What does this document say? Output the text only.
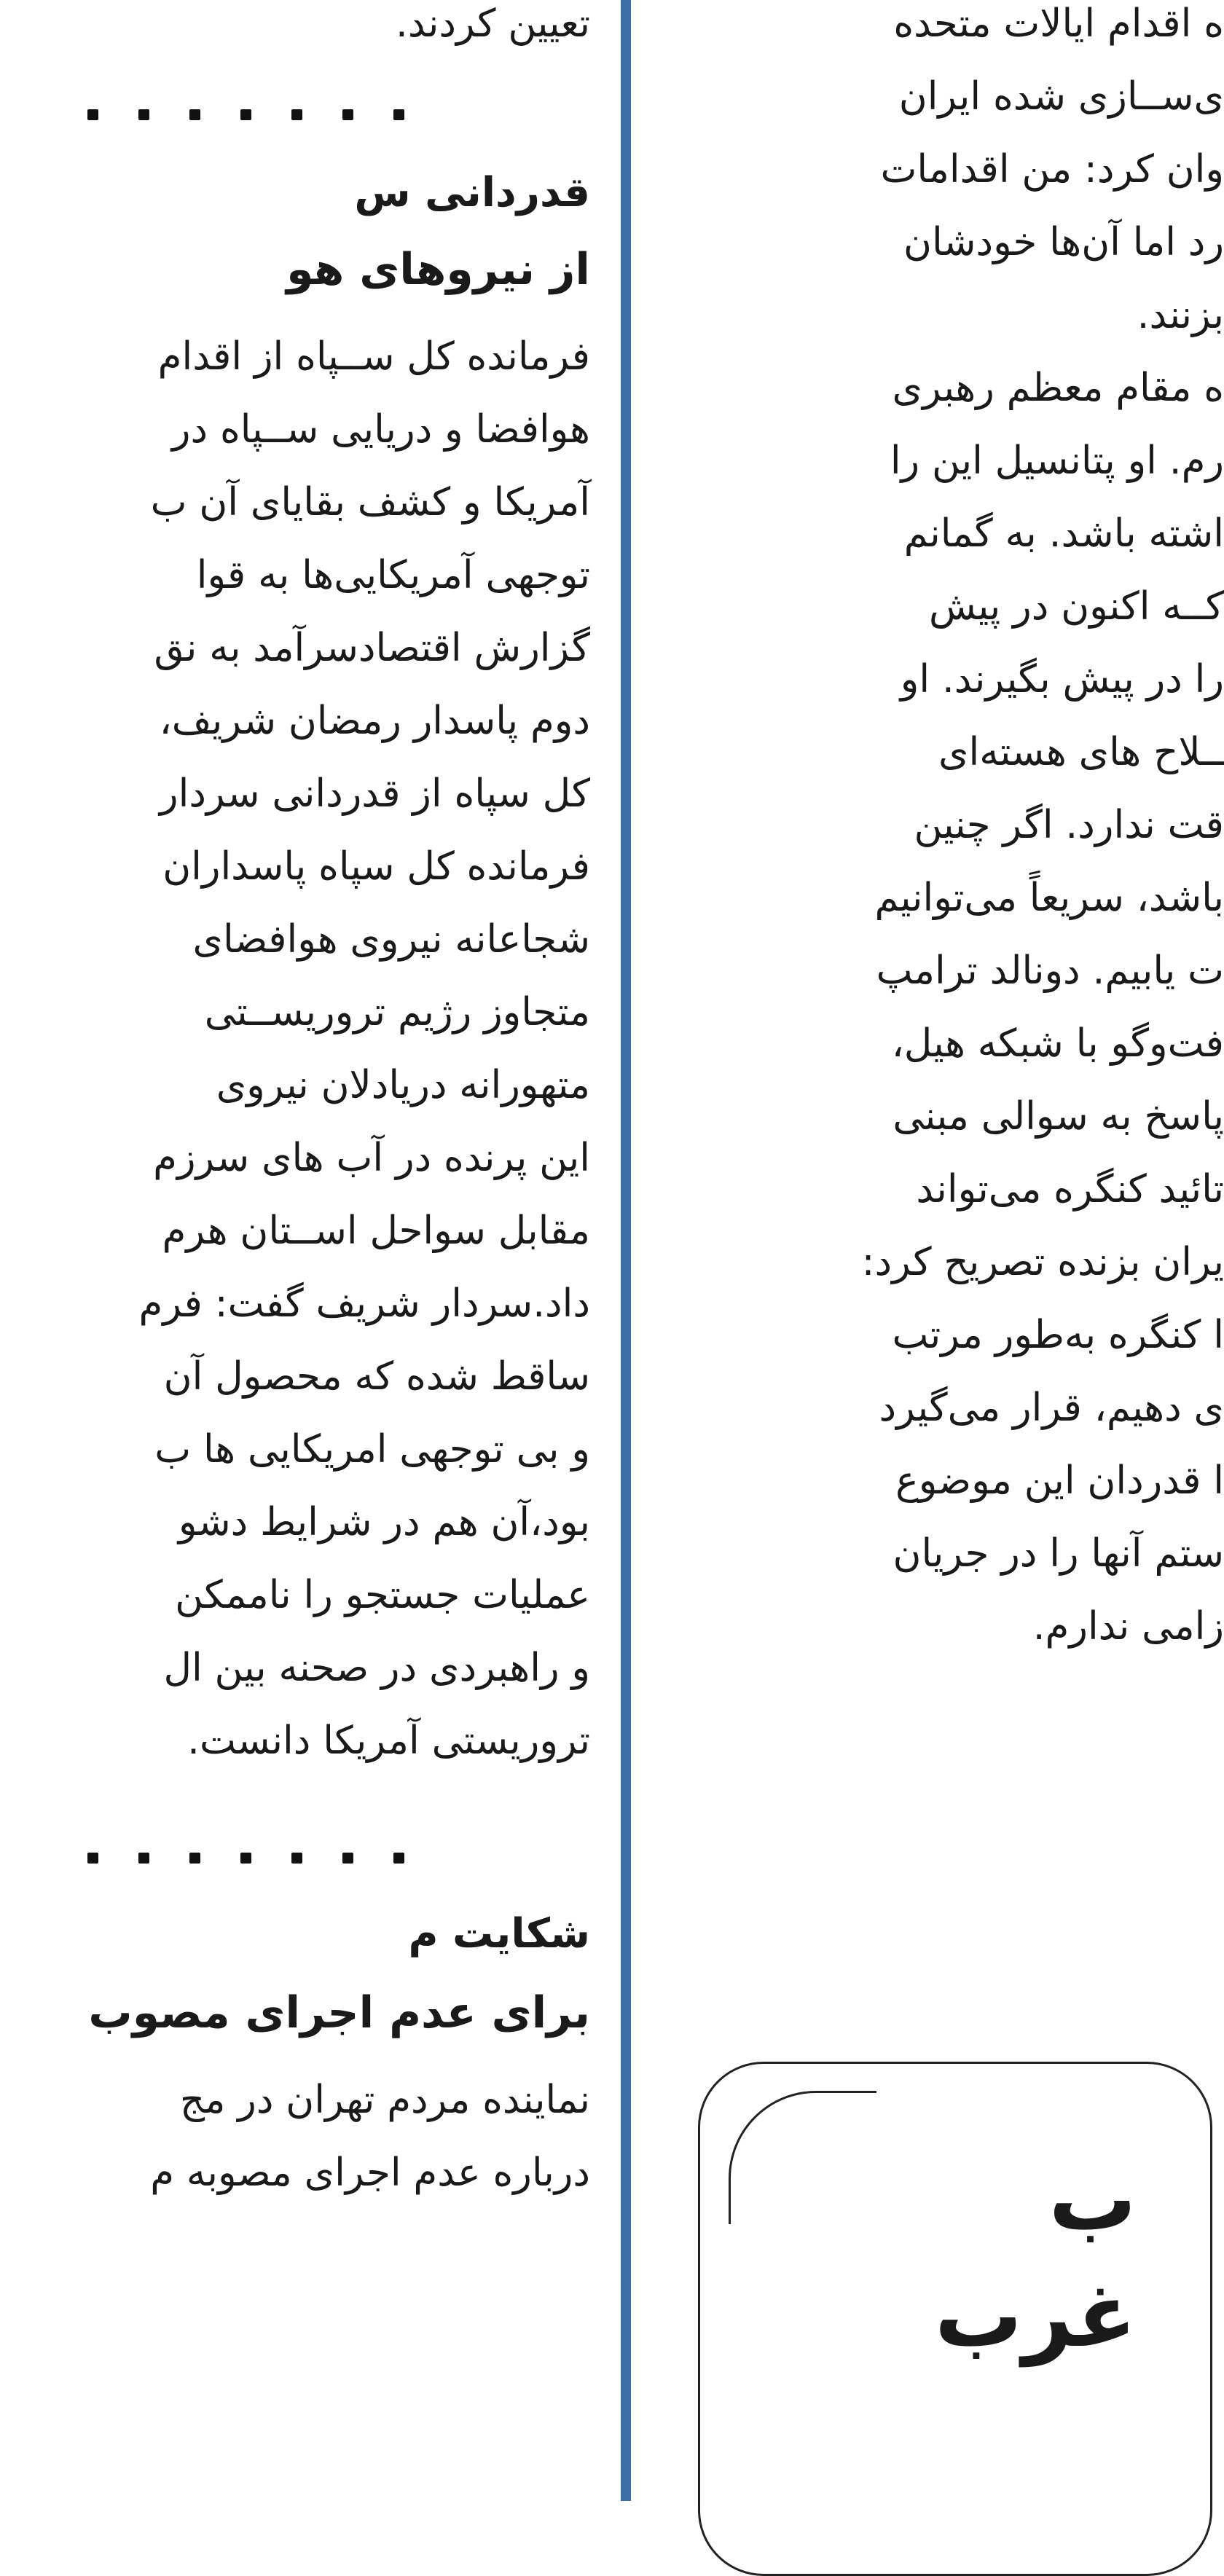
تعیین کردند.
قدردانی س
از نیروهای هو
فرمانده کل ســپاه از اقدام
هوافضا و دریایی ســپاه در
آمریکا و کشف بقایای آن ب
توجهی آمریکایی‌ها به قوا
گزارش اقتصادسرآمد به نق
دوم پاسدار رمضان شریف،
کل سپاه از قدردانی سردار
فرمانده کل سپاه پاسداران
شجاعانه نیروی هوافضای
متجاوز رژیم تروریســتی
متهورانه دریادلان نیروی
این پرنده در آب های سرزم
مقابل سواحل اســتان هرم
داد.سردار شریف گفت: فرم
ساقط شده که محصول آن
و بی توجهی امریکایی ها ب
بود،آن هم در شرایط دشو
عملیات جستجو را ناممکن
و راهبردی در صحنه بین ال
تروریستی آمریکا دانست.
شکایت م
برای عدم اجرای مصوب
نماینده مردم تهران در مج
درباره عدم اجرای مصوبه م
ه اقدام ایالات متحده
ی‌ســازی شده ایران
وان کرد: من اقدامات
رد اما آن‌ها خودشان
بزنند.
ه مقام معظم رهبری
رم. او پتانسیل این را
اشته باشد. به گمانم
کــه اکنون در پیش
را در پیش بگیرند. او
ــلاح های هسته‌ای
قت ندارد. اگر چنین
باشد، سریعاً می‌توانیم
ت یابیم. دونالد ترامپ
فت‌وگو با شبکه هیل،
پاسخ به سوالی مبنی
تائید کنگره می‌تواند
یران بزنده تصریح کرد:
ا کنگره به‌طور مرتب
ی دهیم، قرار می‌گیرد
ا قدردان این موضوع
ستم آنها را در جریان
زامی ندارم.
ب
غرب
